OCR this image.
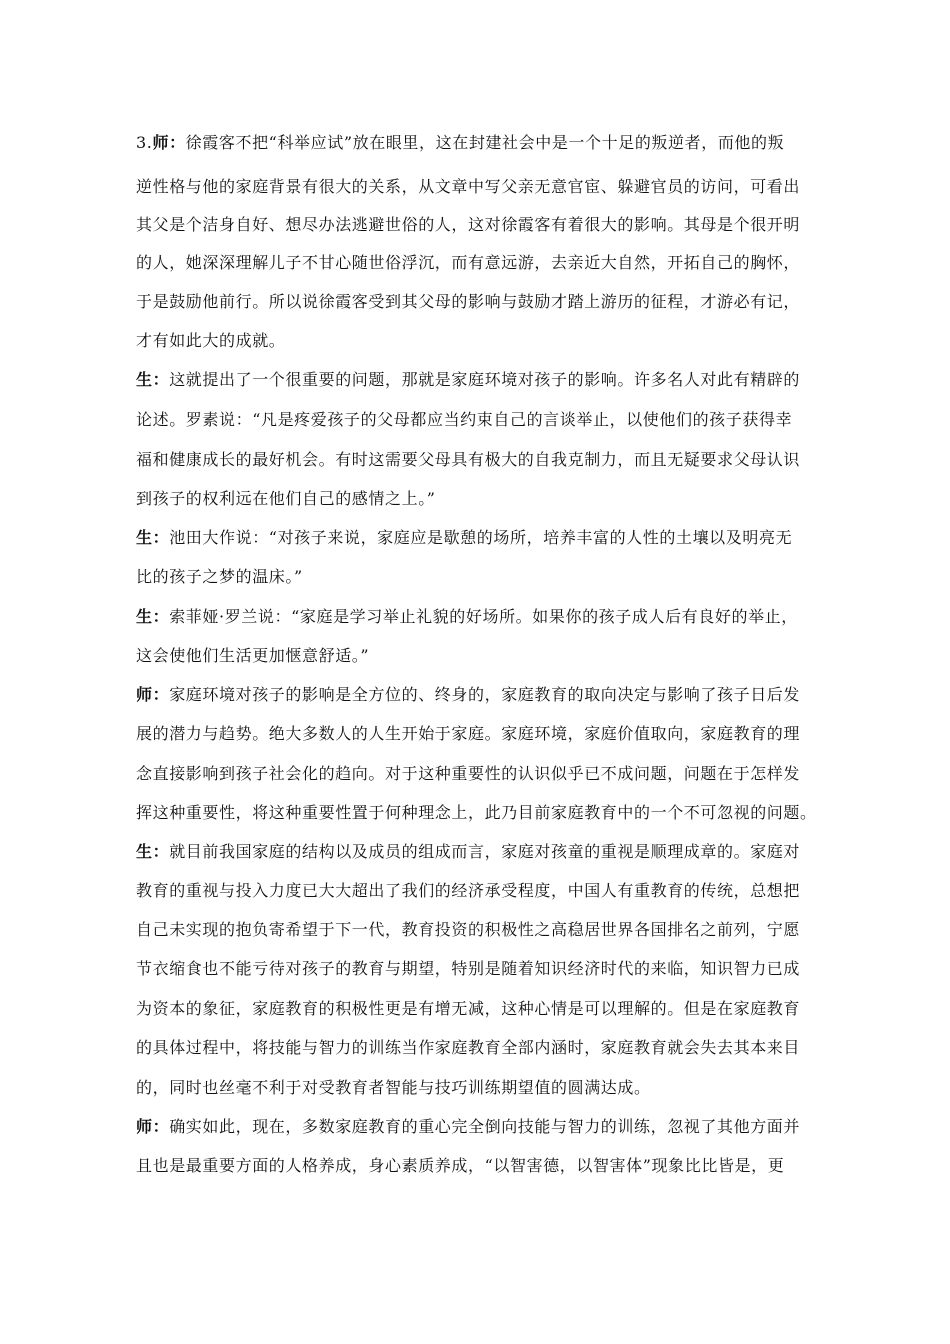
3.师：徐霞客不把“科举应试”放在眼里，这在封建社会中是一个十足的叛逆者，而他的叛
逆性格与他的家庭背景有很大的关系，从文章中写父亲无意官宦、躲避官员的访问，可看出
其父是个洁身自好、想尽办法逃避世俗的人，这对徐霞客有着很大的影响。其母是个很开明
的人，她深深理解儿子不甘心随世俗浮沉，而有意远游，去亲近大自然，开拓自己的胸怀，
于是鼓励他前行。所以说徐霞客受到其父母的影响与鼓励才踏上游历的征程，才游必有记，
才有如此大的成就。
生：这就提出了一个很重要的问题，那就是家庭环境对孩子的影响。许多名人对此有精辟的
论述。罗素说：“凡是疼爱孩子的父母都应当约束自己的言谈举止，以使他们的孩子获得幸
福和健康成长的最好机会。有时这需要父母具有极大的自我克制力，而且无疑要求父母认识
到孩子的权利远在他们自己的感情之上。”
生：池田大作说：“对孩子来说，家庭应是歇憩的场所，培养丰富的人性的土壤以及明亮无
比的孩子之梦的温床。”
生：索菲娅·罗兰说：“家庭是学习举止礼貌的好场所。如果你的孩子成人后有良好的举止，
这会使他们生活更加惬意舒适。”
师：家庭环境对孩子的影响是全方位的、终身的，家庭教育的取向决定与影响了孩子日后发
展的潜力与趋势。绝大多数人的人生开始于家庭。家庭环境，家庭价值取向，家庭教育的理
念直接影响到孩子社会化的趋向。对于这种重要性的认识似乎已不成问题，问题在于怎样发
挥这种重要性，将这种重要性置于何种理念上，此乃目前家庭教育中的一个不可忽视的问题。
生：就目前我国家庭的结构以及成员的组成而言，家庭对孩童的重视是顺理成章的。家庭对
教育的重视与投入力度已大大超出了我们的经济承受程度，中国人有重教育的传统，总想把
自己未实现的抱负寄希望于下一代，教育投资的积极性之高稳居世界各国排名之前列，宁愿
节衣缩食也不能亏待对孩子的教育与期望，特别是随着知识经济时代的来临，知识智力已成
为资本的象征，家庭教育的积极性更是有增无减，这种心情是可以理解的。但是在家庭教育
的具体过程中，将技能与智力的训练当作家庭教育全部内涵时，家庭教育就会失去其本来目
的，同时也丝毫不利于对受教育者智能与技巧训练期望值的圆满达成。
师：确实如此，现在，多数家庭教育的重心完全倒向技能与智力的训练，忽视了其他方面并
且也是最重要方面的人格养成，身心素质养成，“以智害德，以智害体”现象比比皆是，更
